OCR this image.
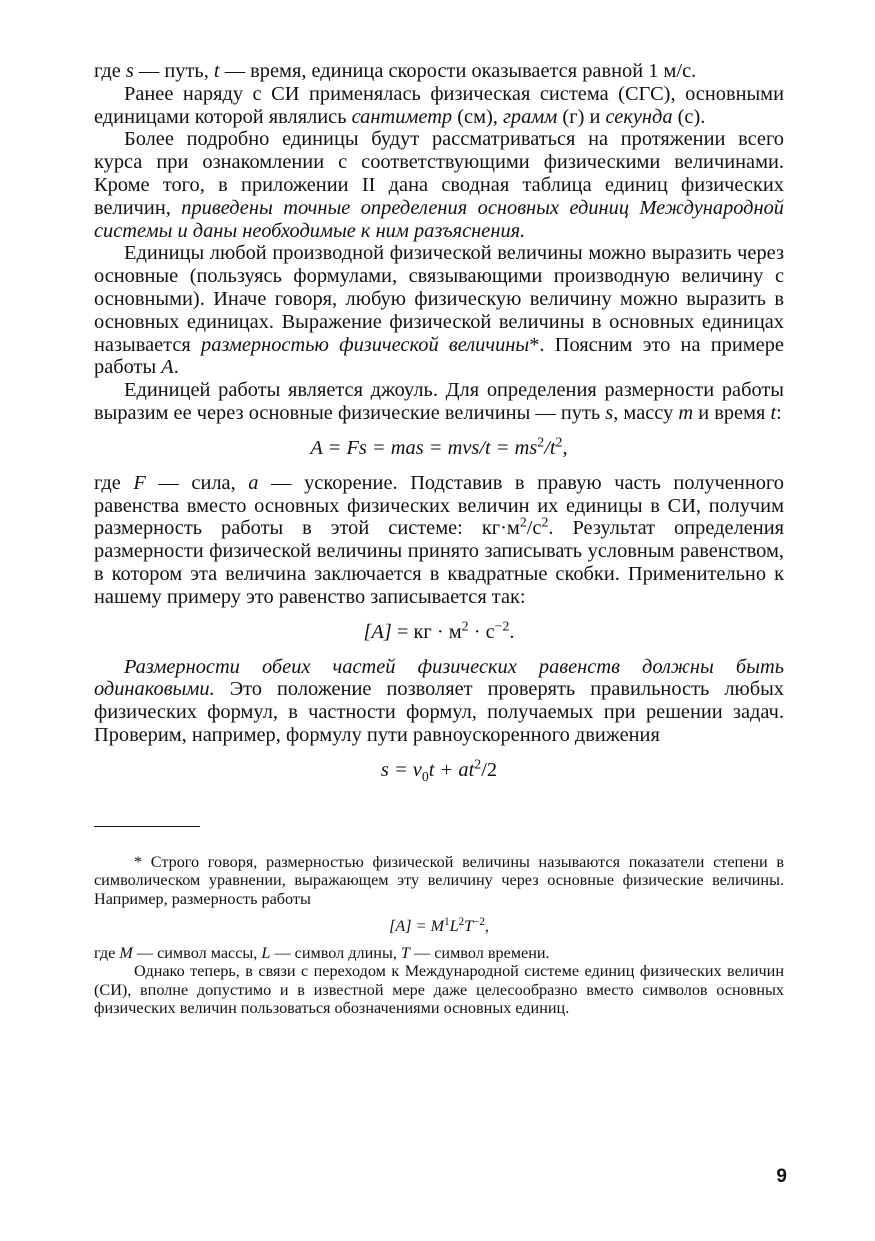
где s — путь, t — время, единица скорости оказывается равной 1 м/с.

Ранее наряду с СИ применялась физическая система (СГС), основными единицами которой являлись сантиметр (см), грамм (г) и секунда (с).

Более подробно единицы будут рассматриваться на протяжении всего курса при ознакомлении с соответствующими физическими величинами. Кроме того, в приложении II дана сводная таблица единиц физических величин, приведены точные определения основных единиц Международной системы и даны необходимые к ним разъяснения.

Единицы любой производной физической величины можно выразить через основные (пользуясь формулами, связывающими производную величину с основными). Иначе говоря, любую физическую величину можно выразить в основных единицах. Выражение физической величины в основных единицах называется размерностью физической величины*. Поясним это на примере работы A.

Единицей работы является джоуль. Для определения размерности работы выразим ее через основные физические величины — путь s, массу m и время t:

A = Fs = mas = $mvs/t = ms^2/t^2$,

где F — сила, a — ускорение. Подставив в правую часть полученного равенства вместо основных физических величин их единицы в СИ, получим размерность работы в этой системе: $кг\cdot м^2/с^2$. Результат определения размерности физической величины принято записывать условным равенством, в котором эта величина заключается в квадратные скобки. Применительно к нашему примеру это равенство записывается так:

[A] = кг · $м^2 \cdot с^{-2}$.

Размерности обеих частей физических равенств должны быть одинаковыми. Это положение позволяет проверять правильность любых физических формул, в частности формул, получаемых при решении задач. Проверим, например, формулу пути равноускоренного движения

$s = v_0t + at^2/2$

* Строго говоря, размерностью физической величины называются показатели степени в символическом уравнении, выражающем эту величину через основные физические величины. Например, размерность работы

$[A] = M^1L^2T^{-2}$,

где M — символ массы, L — символ длины, T — символ времени.

Однако теперь, в связи с переходом к Международной системе единиц физических величин (СИ), вполне допустимо и в известной мере даже целесообразно вместо символов основных физических величин пользоваться обозначениями основных единиц.

9
